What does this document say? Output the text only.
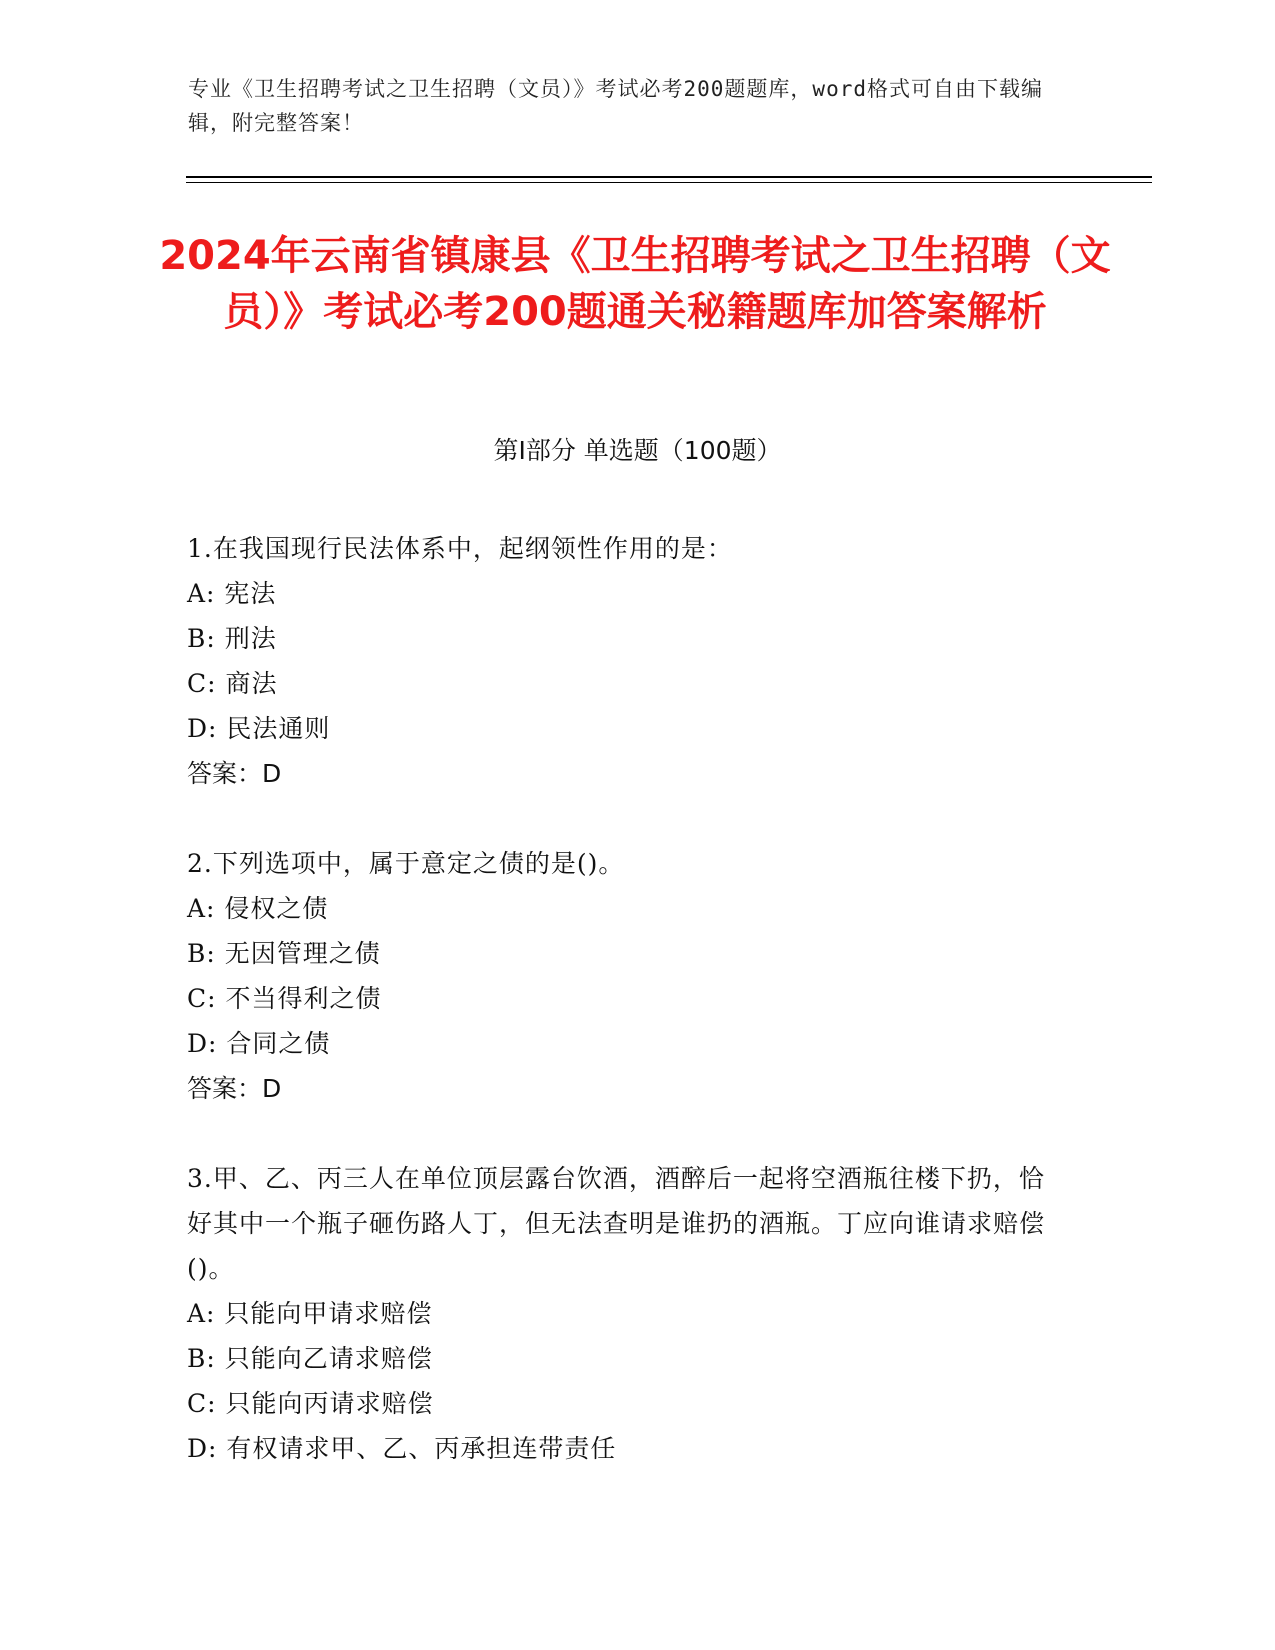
专业《卫生招聘考试之卫生招聘（文员）》考试必考200题题库，word格式可自由下载编辑，附完整答案！
2024年云南省镇康县《卫生招聘考试之卫生招聘（文员）》考试必考200题通关秘籍题库加答案解析
第Ⅰ部分 单选题（100题）

1.在我国现行民法体系中，起纲领性作用的是：

A: 宪法

B: 刑法

C: 商法

D: 民法通则

答案：D

2.下列选项中，属于意定之债的是()。

A: 侵权之债

B: 无因管理之债

C: 不当得利之债

D: 合同之债

答案：D

3.甲、乙、丙三人在单位顶层露台饮酒，酒醉后一起将空酒瓶往楼下扔，恰好其中一个瓶子砸伤路人丁，但无法查明是谁扔的酒瓶。丁应向谁请求赔偿()。

A: 只能向甲请求赔偿

B: 只能向乙请求赔偿

C: 只能向丙请求赔偿

D: 有权请求甲、乙、丙承担连带责任
